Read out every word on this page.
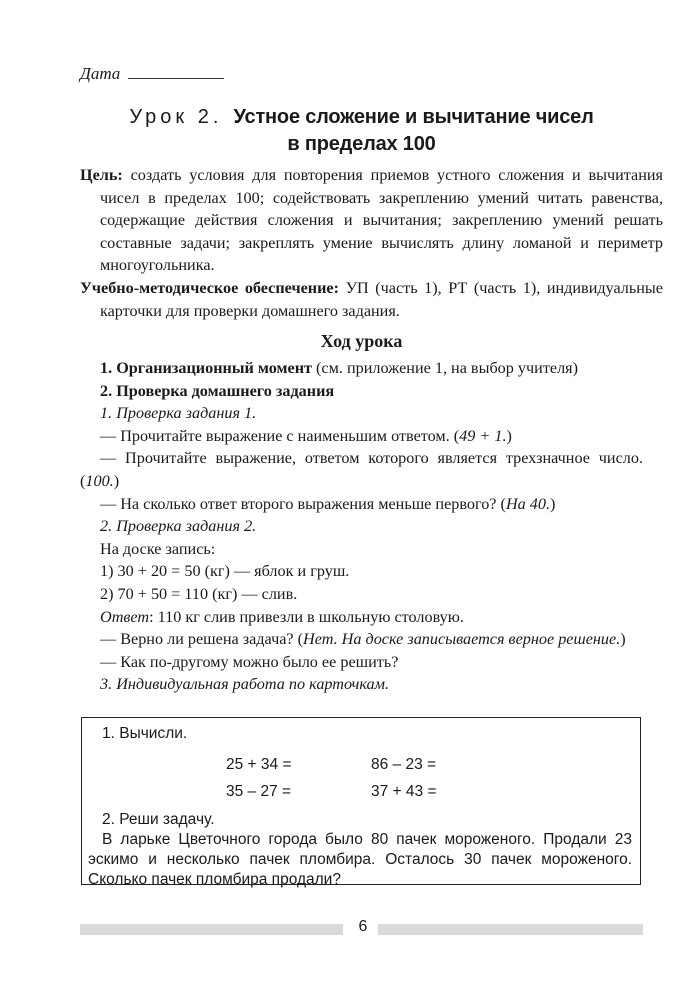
Дата
Урок 2. Устное сложение и вычитание чисел
в пределах 100
Цель: создать условия для повторения приемов устного сложения и вычитания чисел в пределах 100; содействовать закреплению умений читать равенства, содержащие действия сложения и вычитания; закреплению умений решать составные задачи; закреплять умение вычислять длину ломаной и периметр многоугольника.
Учебно-методическое обеспечение: УП (часть 1), РТ (часть 1), индивидуальные карточки для проверки домашнего задания.
Ход урока

1. Организационный момент (см. приложение 1, на выбор учителя)

2. Проверка домашнего задания

1. Проверка задания 1.

— Прочитайте выражение с наименьшим ответом. (49 + 1.)

— Прочитайте выражение, ответом которого является трехзначное число. (100.)

— На сколько ответ второго выражения меньше первого? (На 40.)

2. Проверка задания 2.

На доске запись:

1) 30 + 20 = 50 (кг) — яблок и груш.

2) 70 + 50 = 110 (кг) — слив.

Ответ: 110 кг слив привезли в школьную столовую.

— Верно ли решена задача? (Нет. На доске записывается верное решение.)

— Как по-другому можно было ее решить?

3. Индивидуальная работа по карточкам.

1. Вычисли.
25 + 34 =	86 – 23 =
35 – 27 =	37 + 43 =
2. Реши задачу.

В ларьке Цветочного города было 80 пачек мороженого. Продали 23 эскимо и несколько пачек пломбира. Осталось 30 пачек мороженого. Сколько пачек пломбира продали?

6
